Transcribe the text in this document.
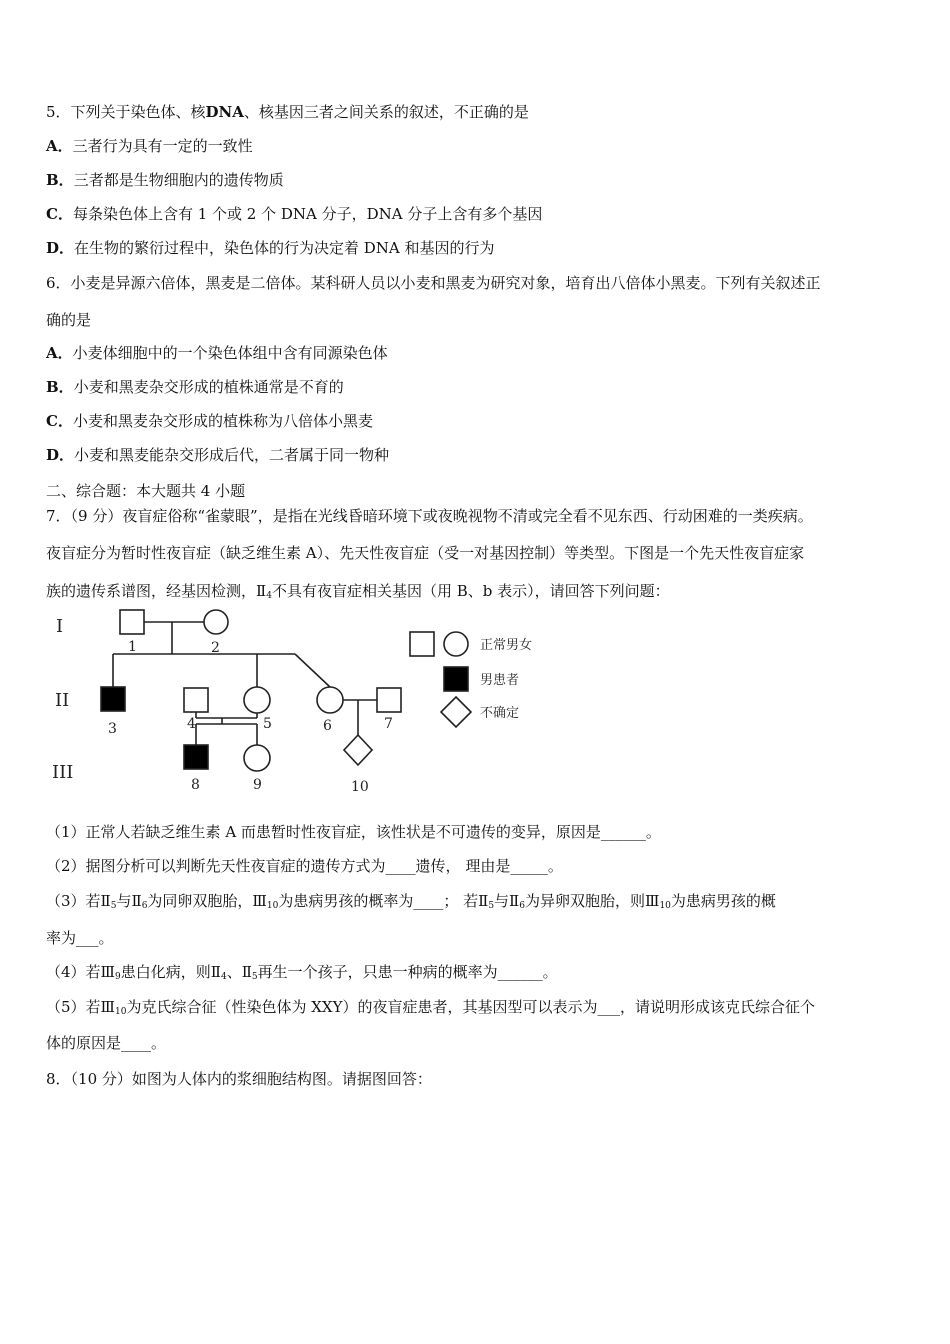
5．下列关于染色体、核DNA、核基因三者之间关系的叙述，不正确的是
A．三者行为具有一定的一致性
B．三者都是生物细胞内的遗传物质
C．每条染色体上含有 1 个或 2 个 DNA 分子，DNA 分子上含有多个基因
D．在生物的繁衍过程中，染色体的行为决定着 DNA 和基因的行为
6．小麦是异源六倍体，黑麦是二倍体。某科研人员以小麦和黑麦为研究对象，培育出八倍体小黑麦。下列有关叙述正
确的是
A．小麦体细胞中的一个染色体组中含有同源染色体
B．小麦和黑麦杂交形成的植株通常是不育的
C．小麦和黑麦杂交形成的植株称为八倍体小黑麦
D．小麦和黑麦能杂交形成后代，二者属于同一物种
二、综合题：本大题共 4 小题
7．（9 分）夜盲症俗称“雀蒙眼”，是指在光线昏暗环境下或夜晚视物不清或完全看不见东西、行动困难的一类疾病。
夜盲症分为暂时性夜盲症（缺乏维生素 A）、先天性夜盲症（受一对基因控制）等类型。下图是一个先天性夜盲症家
族的遗传系谱图，经基因检测，$Ⅱ_4$不具有夜盲症相关基因（用 B、b 表示），请回答下列问题：
I
II
III
1	2
3	4	5	6	7
8	9	10
正常男女
男患者
不确定
（1）正常人若缺乏维生素 A 而患暂时性夜盲症，该性状是不可遗传的变异，原因是______。
（2）据图分析可以判断先天性夜盲症的遗传方式为____遗传， 理由是_____。
（3）若$Ⅱ_5$与$Ⅱ_6$为同卵双胞胎，$Ⅲ_{10}$为患病男孩的概率为____； 若$Ⅱ_5$与$Ⅱ_6$为异卵双胞胎，则$Ⅲ_{10}$为患病男孩的概
率为___。
（4）若$Ⅲ_9$患白化病，则$Ⅱ_4$、$Ⅱ_5$再生一个孩子，只患一种病的概率为______。
（5）若$Ⅲ_{10}$为克氏综合征（性染色体为 XXY）的夜盲症患者，其基因型可以表示为___，请说明形成该克氏综合征个
体的原因是____。
8．（10 分）如图为人体内的浆细胞结构图。请据图回答：
